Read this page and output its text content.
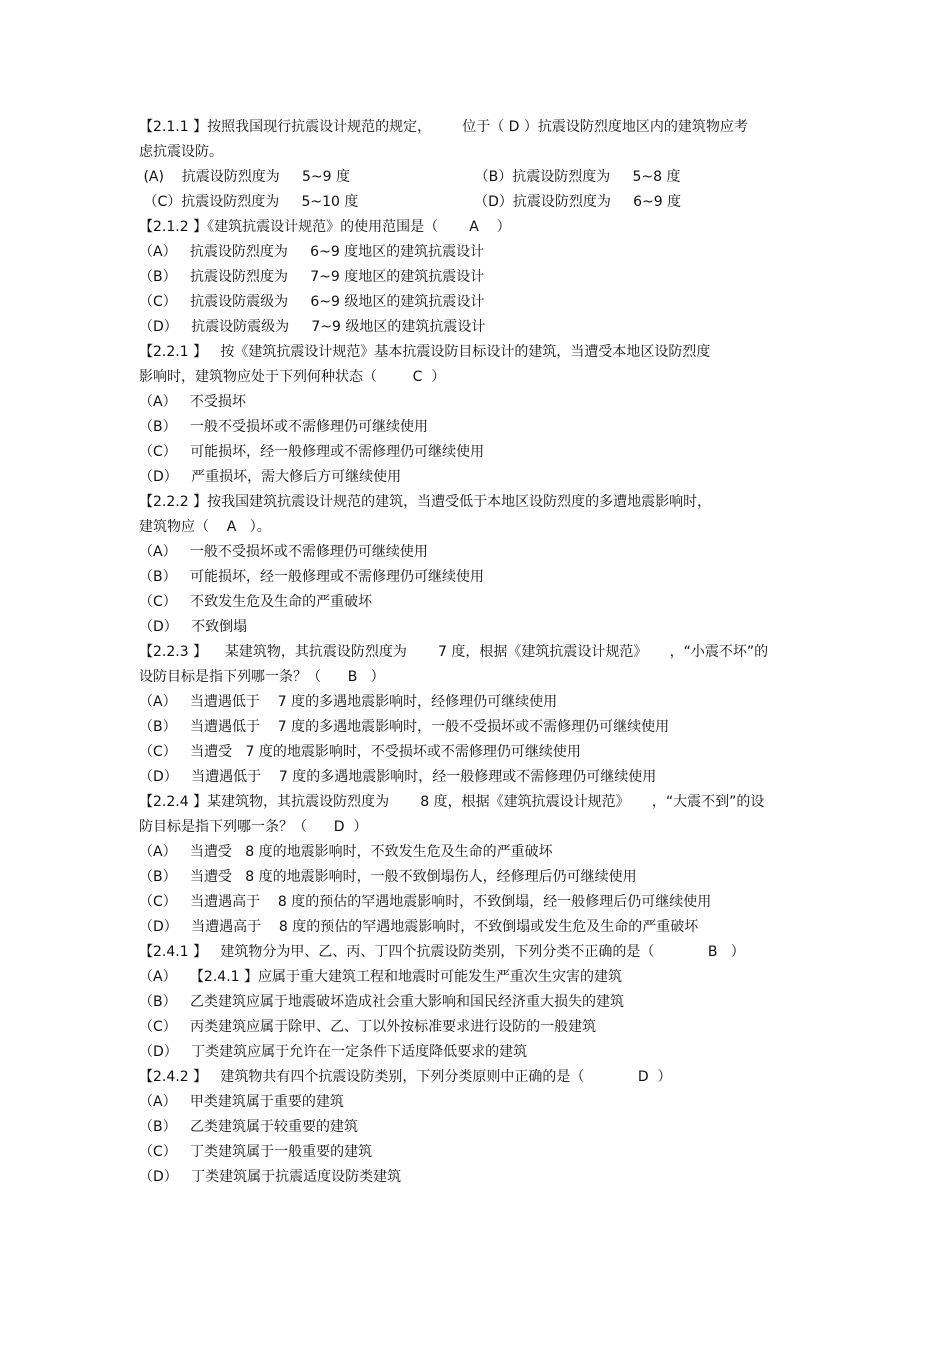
【2.1.1 】按照我国现行抗震设计规范的规定，       位于（ D ）抗震设防烈度地区内的建筑物应考
虑抗震设防。
(A)    抗震设防烈度为     5~9 度                            （B）抗震设防烈度为     5~8 度
（C）抗震设防烈度为     5~10 度                          （D）抗震设防烈度为     6~9 度
【2.1.2 】《建筑抗震设计规范》的使用范围是（       A    ）
（A）   抗震设防烈度为     6~9 度地区的建筑抗震设计
（B）   抗震设防烈度为     7~9 度地区的建筑抗震设计
（C）   抗震设防震级为     6~9 级地区的建筑抗震设计
（D）   抗震设防震级为     7~9 级地区的建筑抗震设计
【2.2.1 】   按《建筑抗震设计规范》基本抗震设防目标设计的建筑，当遭受本地区设防烈度
影响时，建筑物应处于下列何种状态（        C  ）
（A）   不受损坏
（B）   一般不受损坏或不需修理仍可继续使用
（C）   可能损坏，经一般修理或不需修理仍可继续使用
（D）   严重损坏，需大修后方可继续使用
【2.2.2 】按我国建筑抗震设计规范的建筑，当遭受低于本地区设防烈度的多遭地震影响时，
建筑物应（    A   ）。
（A）   一般不受损坏或不需修理仍可继续使用
（B）   可能损坏，经一般修理或不需修理仍可继续使用
（C）   不致发生危及生命的严重破坏
（D）   不致倒塌
【2.2.3 】    某建筑物，其抗震设防烈度为       7 度，根据《建筑抗震设计规范》     ，“小震不坏”的
设防目标是指下列哪一条？（      B   ）
（A）   当遭遇低于    7 度的多遇地震影响时，经修理仍可继续使用
（B）   当遭遇低于    7 度的多遇地震影响时，一般不受损坏或不需修理仍可继续使用
（C）   当遭受   7 度的地震影响时，不受损坏或不需修理仍可继续使用
（D）   当遭遇低于    7 度的多遇地震影响时，经一般修理或不需修理仍可继续使用
【2.2.4 】某建筑物，其抗震设防烈度为       8 度，根据《建筑抗震设计规范》     ，“大震不到”的设
防目标是指下列哪一条？（      D  ）
（A）   当遭受   8 度的地震影响时，不致发生危及生命的严重破坏
（B）   当遭受   8 度的地震影响时，一般不致倒塌伤人，经修理后仍可继续使用
（C）   当遭遇高于    8 度的预估的罕遇地震影响时，不致倒塌，经一般修理后仍可继续使用
（D）   当遭遇高于    8 度的预估的罕遇地震影响时，不致倒塌或发生危及生命的严重破坏
【2.4.1 】   建筑物分为甲、乙、丙、丁四个抗震设防类别，下列分类不正确的是（            B   ）
（A）   【2.4.1 】应属于重大建筑工程和地震时可能发生严重次生灾害的建筑
（B）   乙类建筑应属于地震破坏造成社会重大影响和国民经济重大损失的建筑
（C）   丙类建筑应属于除甲、乙、丁以外按标准要求进行设防的一般建筑
（D）   丁类建筑应属于允许在一定条件下适度降低要求的建筑
【2.4.2 】   建筑物共有四个抗震设防类别，下列分类原则中正确的是（            D  ）
（A）   甲类建筑属于重要的建筑
（B）   乙类建筑属于较重要的建筑
（C）   丁类建筑属于一般重要的建筑
（D）   丁类建筑属于抗震适度设防类建筑
